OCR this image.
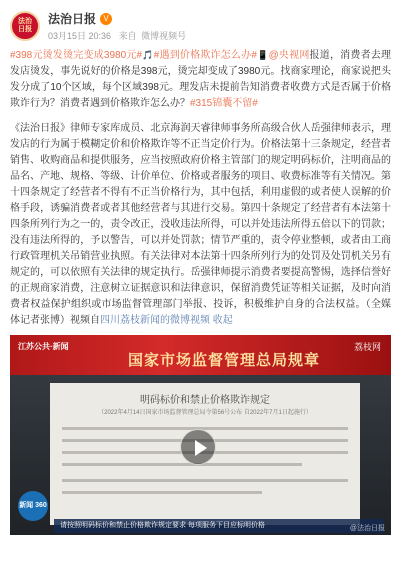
法治日报
法治日报 V
03月15日 20:36 来自 微博视频号
#398元烫发烫完变成3980元#🎵#遇到价格欺诈怎么办#📱@央视网报道，消费者去理发店烫发，事先说好的价格是398元，烫完却变成了3980元。找商家理论，商家说把头发分成了10个区域，每个区域398元。理发店未提前告知消费者收费方式是否属于价格欺诈行为？消费者遇到价格欺诈怎么办？#315锦囊不留#
《法治日报》律师专家库成员、北京海润天睿律师事务所高级合伙人岳强律师表示，理发店的行为属于模糊定价和价格欺诈等不正当定价行为。价格法第十三条规定，经营者销售、收购商品和提供服务，应当按照政府价格主管部门的规定明码标价，注明商品的品名、产地、规格、等级、计价单位、价格或者服务的项目、收费标准等有关情况。第十四条规定了经营者不得有不正当价格行为，其中包括，利用虚假的或者使人误解的价格手段，诱骗消费者或者其他经营者与其进行交易。第四十条规定了经营者有本法第十四条所列行为之一的，责令改正，没收违法所得，可以并处违法所得五倍以下的罚款；没有违法所得的，予以警告，可以并处罚款；情节严重的，责令停业整顿，或者由工商行政管理机关吊销营业执照。有关法律对本法第十四条所列行为的处罚及处罚机关另有规定的，可以依照有关法律的规定执行。岳强律师提示消费者要提高警惕，选择信誉好的正规商家消费，注意树立证据意识和法律意识，保留消费凭证等相关证据，及时向消费者权益保护组织或市场监督管理部门举报、投诉，积极维护自身的合法权益。（全媒体记者张博）视频自四川荔枝新闻的微博视频 收起
江苏公共·新闻
国家市场监督管理总局规章
荔枝网
明码标价和禁止价格欺诈规定
（2022年4月14日国家市场监督管理总局令第56号公布 自2022年7月1日起施行）
新闻 360
请按照明码标价和禁止价格欺诈规定要求 每项服务下目应标明价格	@法治日报
